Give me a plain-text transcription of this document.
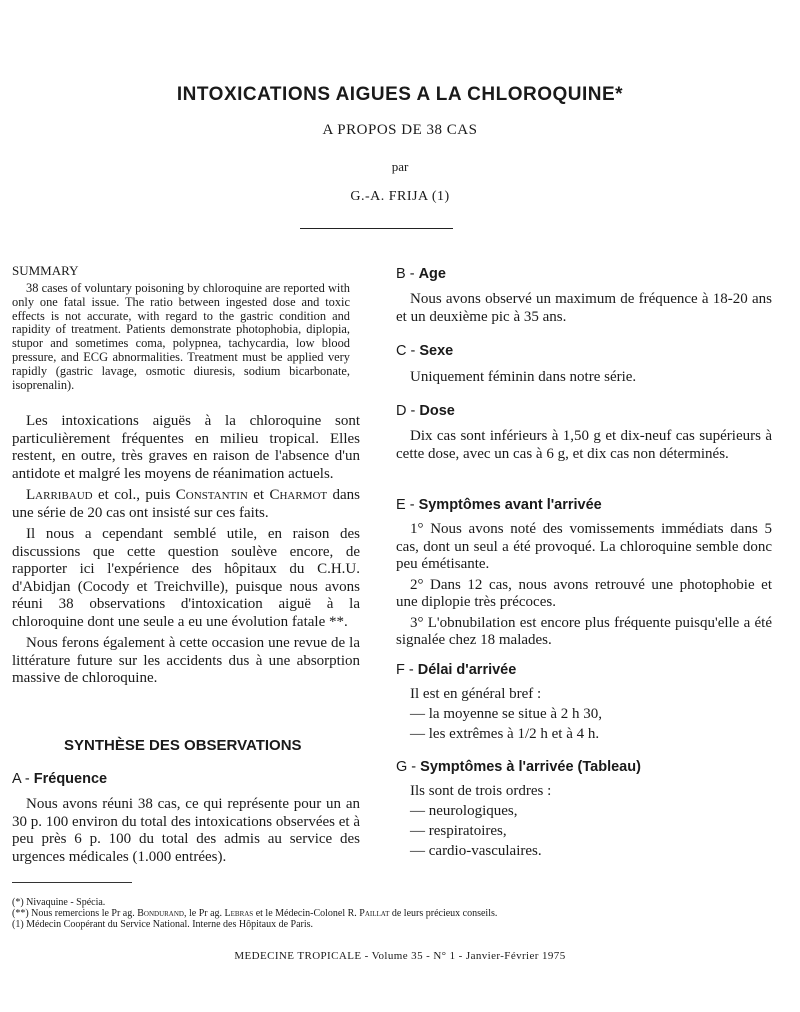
INTOXICATIONS AIGUES A LA CHLOROQUINE*
A PROPOS DE 38 CAS
par
G.-A. FRIJA (1)
SUMMARY
38 cases of voluntary poisoning by chloroquine are reported with only one fatal issue. The ratio between ingested dose and toxic effects is not accurate, with regard to the gastric condition and rapidity of treatment. Patients demonstrate photophobia, diplopia, stupor and sometimes coma, polypnea, tachycardia, low blood pressure, and ECG abnormalities. Treatment must be applied very rapidly (gastric lavage, osmotic diuresis, sodium bicarbonate, isoprenalin).

Les intoxications aiguës à la chloroquine sont particulièrement fréquentes en milieu tropical. Elles restent, en outre, très graves en raison de l'absence d'un antidote et malgré les moyens de réanimation actuels.

Larribaud et col., puis Constantin et Charmot dans une série de 20 cas ont insisté sur ces faits.

Il nous a cependant semblé utile, en raison des discussions que cette question soulève encore, de rapporter ici l'expérience des hôpitaux du C.H.U. d'Abidjan (Cocody et Treichville), puisque nous avons réuni 38 observations d'intoxication aiguë à la chloroquine dont une seule a eu une évolution fatale **.

Nous ferons également à cette occasion une revue de la littérature future sur les accidents dus à une absorption massive de chloroquine.

SYNTHÈSE DES OBSERVATIONS
A - Fréquence

Nous avons réuni 38 cas, ce qui représente pour un an 30 p. 100 environ du total des intoxications observées et à peu près 6 p. 100 du total des admis au service des urgences médicales (1.000 entrées).

B - Age

Nous avons observé un maximum de fréquence à 18-20 ans et un deuxième pic à 35 ans.

C - Sexe

Uniquement féminin dans notre série.

D - Dose

Dix cas sont inférieurs à 1,50 g et dix-neuf cas supérieurs à cette dose, avec un cas à 6 g, et dix cas non déterminés.

E - Symptômes avant l'arrivée

1° Nous avons noté des vomissements immédiats dans 5 cas, dont un seul a été provoqué. La chloroquine semble donc peu émétisante.

2° Dans 12 cas, nous avons retrouvé une photophobie et une diplopie très précoces.

3° L'obnubilation est encore plus fréquente puisqu'elle a été signalée chez 18 malades.

F - Délai d'arrivée
Il est en général bref :
— la moyenne se situe à 2 h 30,
— les extrêmes à 1/2 h et à 4 h.
G - Symptômes à l'arrivée (Tableau)
Ils sont de trois ordres :
— neurologiques,
— respiratoires,
— cardio-vasculaires.
(*) Nivaquine - Spécia.
(**) Nous remercions le Pr ag. Bondurand, le Pr ag. Lebras et le Médecin-Colonel R. Paillat de leurs précieux conseils.
(1) Médecin Coopérant du Service National. Interne des Hôpitaux de Paris.
MEDECINE TROPICALE - Volume 35 - N° 1 - Janvier-Février 1975
